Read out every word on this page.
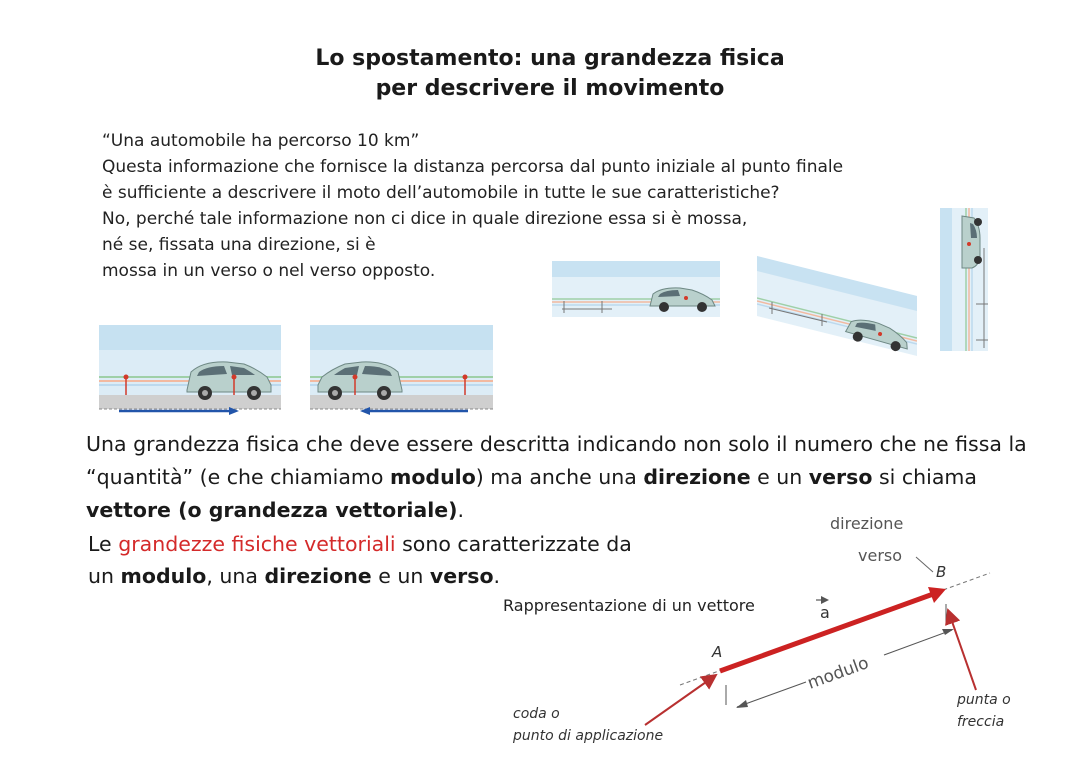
Lo spostamento: una grandezza fisica
per descrivere il movimento
“Una automobile ha percorso 10 km”
Questa informazione che fornisce la distanza percorsa dal punto iniziale al punto finale
è sufficiente a descrivere il moto dell’automobile in tutte le sue caratteristiche?
No, perché tale informazione non ci dice in quale direzione essa si è mossa,
né se, fissata una direzione, si è
mossa in un verso o nel verso opposto.
Una grandezza fisica che deve essere descritta indicando non solo il numero che ne fissa la “quantità” (e che chiamiamo modulo) ma anche una direzione e un verso si chiama vettore (o grandezza vettoriale).
Le grandezze fisiche vettoriali sono caratterizzate da
un modulo, una direzione e un verso.
Rappresentazione di un vettore	a
direzione
verso
B
A
modulo
punta o
freccia
coda o
punto di applicazione
